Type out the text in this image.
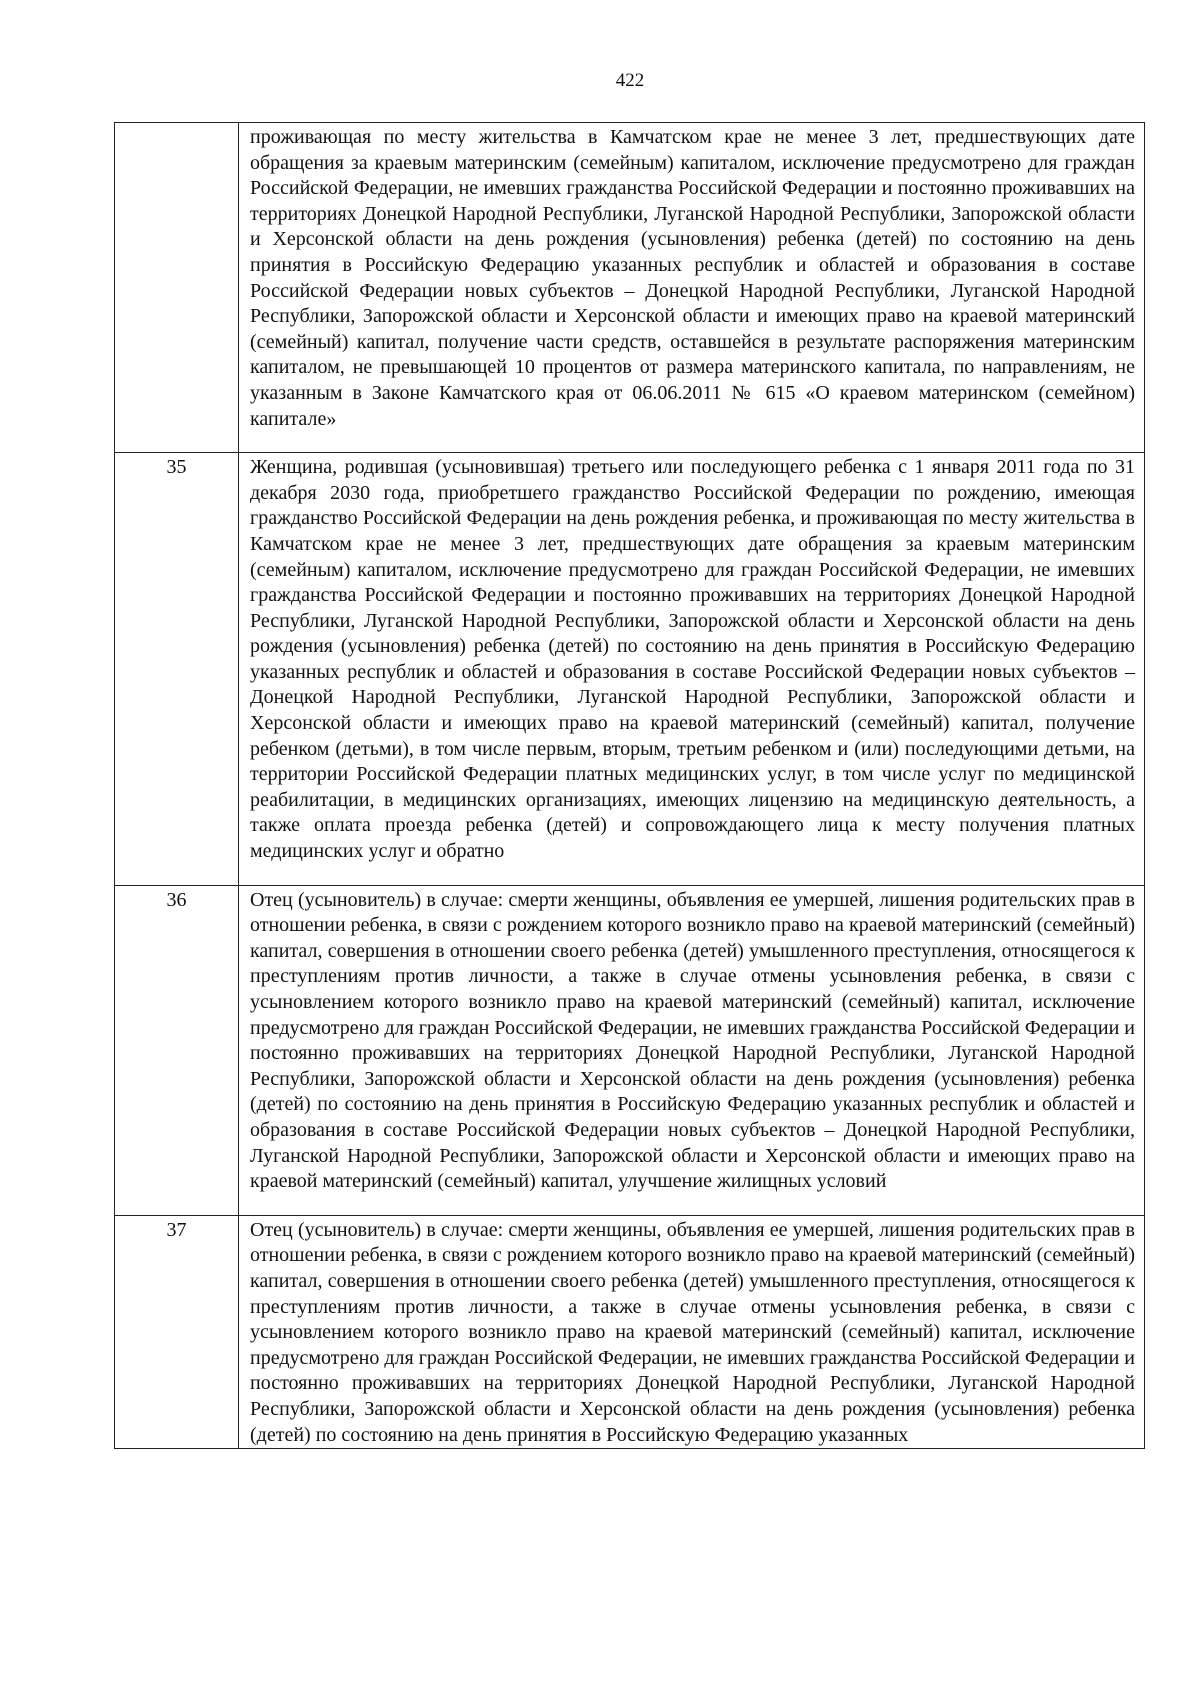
422
	проживающая по месту жительства в Камчатском крае не менее 3 лет, предшествующих дате обращения за краевым материнским (семейным) капиталом, исключение предусмотрено для граждан Российской Федерации, не имевших гражданства Российской Федерации и постоянно проживавших на территориях Донецкой Народной Республики, Луганской Народной Республики, Запорожской области и Херсонской области на день рождения (усыновления) ребенка (детей) по состоянию на день принятия в Российскую Федерацию указанных республик и областей и образования в составе Российской Федерации новых субъектов – Донецкой Народной Республики, Луганской Народной Республики, Запорожской области и Херсонской области и имеющих право на краевой материнский (семейный) капитал, получение части средств, оставшейся в результате распоряжения материнским капиталом, не превышающей 10 процентов от размера материнского капитала, по направлениям, не указанным в Законе Камчатского края от 06.06.2011 № 615 «О краевом материнском (семейном) капитале»
35	Женщина, родившая (усыновившая) третьего или последующего ребенка с 1 января 2011 года по 31 декабря 2030 года, приобретшего гражданство Российской Федерации по рождению, имеющая гражданство Российской Федерации на день рождения ребенка, и проживающая по месту жительства в Камчатском крае не менее 3 лет, предшествующих дате обращения за краевым материнским (семейным) капиталом, исключение предусмотрено для граждан Российской Федерации, не имевших гражданства Российской Федерации и постоянно проживавших на территориях Донецкой Народной Республики, Луганской Народной Республики, Запорожской области и Херсонской области на день рождения (усыновления) ребенка (детей) по состоянию на день принятия в Российскую Федерацию указанных республик и областей и образования в составе Российской Федерации новых субъектов – Донецкой Народной Республики, Луганской Народной Республики, Запорожской области и Херсонской области и имеющих право на краевой материнский (семейный) капитал, получение ребенком (детьми), в том числе первым, вторым, третьим ребенком и (или) последующими детьми, на территории Российской Федерации платных медицинских услуг, в том числе услуг по медицинской реабилитации, в медицинских организациях, имеющих лицензию на медицинскую деятельность, а также оплата проезда ребенка (детей) и сопровождающего лица к месту получения платных медицинских услуг и обратно
36	Отец (усыновитель) в случае: смерти женщины, объявления ее умершей, лишения родительских прав в отношении ребенка, в связи с рождением которого возникло право на краевой материнский (семейный) капитал, совершения в отношении своего ребенка (детей) умышленного преступления, относящегося к преступлениям против личности, а также в случае отмены усыновления ребенка, в связи с усыновлением которого возникло право на краевой материнский (семейный) капитал, исключение предусмотрено для граждан Российской Федерации, не имевших гражданства Российской Федерации и постоянно проживавших на территориях Донецкой Народной Республики, Луганской Народной Республики, Запорожской области и Херсонской области на день рождения (усыновления) ребенка (детей) по состоянию на день принятия в Российскую Федерацию указанных республик и областей и образования в составе Российской Федерации новых субъектов – Донецкой Народной Республики, Луганской Народной Республики, Запорожской области и Херсонской области и имеющих право на краевой материнский (семейный) капитал, улучшение жилищных условий
37	Отец (усыновитель) в случае: смерти женщины, объявления ее умершей, лишения родительских прав в отношении ребенка, в связи с рождением которого возникло право на краевой материнский (семейный) капитал, совершения в отношении своего ребенка (детей) умышленного преступления, относящегося к преступлениям против личности, а также в случае отмены усыновления ребенка, в связи с усыновлением которого возникло право на краевой материнский (семейный) капитал, исключение предусмотрено для граждан Российской Федерации, не имевших гражданства Российской Федерации и постоянно проживавших на территориях Донецкой Народной Республики, Луганской Народной Республики, Запорожской области и Херсонской области на день рождения (усыновления) ребенка (детей) по состоянию на день принятия в Российскую Федерацию указанных
